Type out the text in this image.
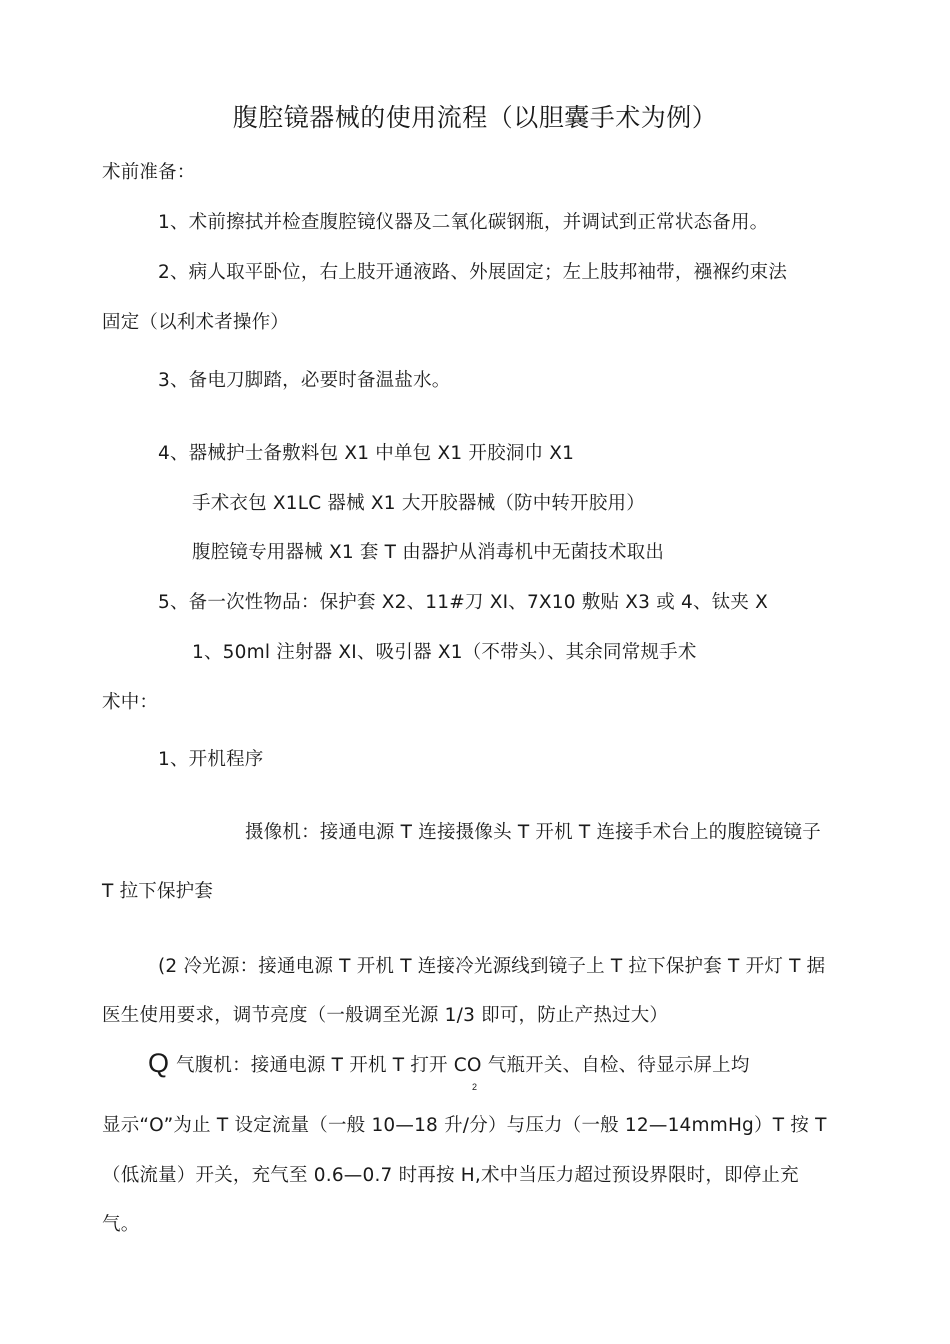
腹腔镜器械的使用流程（以胆囊手术为例）
术前准备：
1、术前擦拭并检查腹腔镜仪器及二氧化碳钢瓶，并调试到正常状态备用。
2、病人取平卧位，右上肢开通液路、外展固定；左上肢邦袖带，襁褓约束法
固定（以利术者操作）
3、备电刀脚踏，必要时备温盐水。
4、器械护士备敷料包 X1 中单包 X1 开胶洞巾 X1
手术衣包 X1LC 器械 X1 大开胶器械（防中转开胶用）
腹腔镜专用器械 X1 套 T 由器护从消毒机中无菌技术取出
5、备一次性物品：保护套 X2、11#刀 XI、7X10 敷贴 X3 或 4、钛夹 X
1、50ml 注射器 XI、吸引器 X1（不带头）、其余同常规手术
术中：
1、开机程序
摄像机：接通电源 T 连接摄像头 T 开机 T 连接手术台上的腹腔镜镜子
T 拉下保护套
(2 冷光源：接通电源 T 开机 T 连接冷光源线到镜子上 T 拉下保护套 T 开灯 T 据
医生使用要求，调节亮度（一般调至光源 1/3 即可，防止产热过大）
Q 气腹机：接通电源 T 开机 T 打开 CO 气瓶开关、自检、待显示屏上均
2
显示“O”为止 T 设定流量（一般 10—18 升/分）与压力（一般 12—14mmHg）T 按 T
（低流量）开关，充气至 0.6—0.7 时再按 H,术中当压力超过预设界限时，即停止充
气。
